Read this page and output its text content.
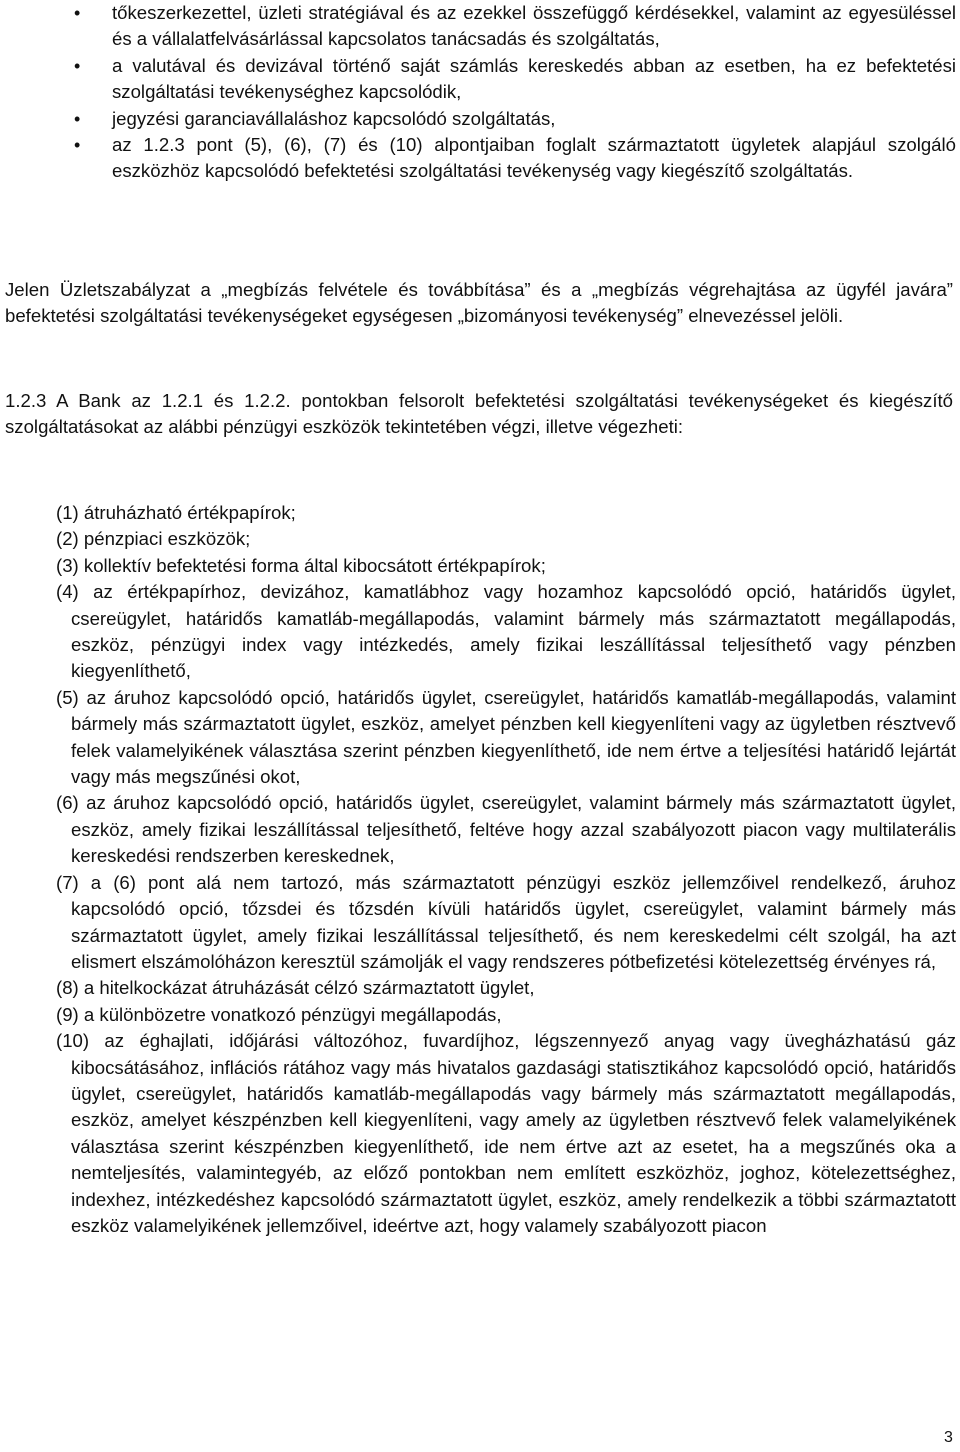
• tőkeszerkezettel, üzleti stratégiával és az ezekkel összefüggő kérdésekkel, valamint az egyesüléssel és a vállalatfelvásárlással kapcsolatos tanácsadás és szolgáltatás,
• a valutával és devizával történő saját számlás kereskedés abban az esetben, ha ez befektetési szolgáltatási tevékenységhez kapcsolódik,
• jegyzési garanciavállaláshoz kapcsolódó szolgáltatás,
• az 1.2.3 pont (5), (6), (7) és (10) alpontjaiban foglalt származtatott ügyletek alapjául szolgáló eszközhöz kapcsolódó befektetési szolgáltatási tevékenység vagy kiegészítő szolgáltatás.

Jelen Üzletszabályzat a „megbízás felvétele és továbbítása” és a „megbízás végrehajtása az ügyfél javára” befektetési szolgáltatási tevékenységeket egységesen „bizományosi tevékenység” elnevezéssel jelöli.

1.2.3 A Bank az 1.2.1 és 1.2.2. pontokban felsorolt befektetési szolgáltatási tevékenységeket és kiegészítő szolgáltatásokat az alábbi pénzügyi eszközök tekintetében végzi, illetve végezheti:

(1) átruházható értékpapírok;
(2) pénzpiaci eszközök;
(3) kollektív befektetési forma által kibocsátott értékpapírok;
(4) az értékpapírhoz, devizához, kamatlábhoz vagy hozamhoz kapcsolódó opció, határidős ügylet, csereügylet, határidős kamatláb-megállapodás, valamint bármely más származtatott megállapodás, eszköz, pénzügyi index vagy intézkedés, amely fizikai leszállítással teljesíthető vagy pénzben kiegyenlíthető,
(5) az áruhoz kapcsolódó opció, határidős ügylet, csereügylet, határidős kamatláb-megállapodás, valamint bármely más származtatott ügylet, eszköz, amelyet pénzben kell kiegyenlíteni vagy az ügyletben résztvevő felek valamelyikének választása szerint pénzben kiegyenlíthető, ide nem értve a teljesítési határidő lejártát vagy más megszűnési okot,
(6) az áruhoz kapcsolódó opció, határidős ügylet, csereügylet, valamint bármely más származtatott ügylet, eszköz, amely fizikai leszállítással teljesíthető, feltéve hogy azzal szabályozott piacon vagy multilaterális kereskedési rendszerben kereskednek,
(7) a (6) pont alá nem tartozó, más származtatott pénzügyi eszköz jellemzőivel rendelkező, áruhoz kapcsolódó opció, tőzsdei és tőzsdén kívüli határidős ügylet, csereügylet, valamint bármely más származtatott ügylet, amely fizikai leszállítással teljesíthető, és nem kereskedelmi célt szolgál, ha azt elismert elszámolóházon keresztül számolják el vagy rendszeres pótbefizetési kötelezettség érvényes rá,
(8) a hitelkockázat átruházását célzó származtatott ügylet,
(9) a különbözetre vonatkozó pénzügyi megállapodás,
(10) az éghajlati, időjárási változóhoz, fuvardíjhoz, légszennyező anyag vagy üvegházhatású gáz kibocsátásához, inflációs rátához vagy más hivatalos gazdasági statisztikához kapcsolódó opció, határidős ügylet, csereügylet, határidős kamatláb-megállapodás vagy bármely más származtatott megállapodás, eszköz, amelyet készpénzben kell kiegyenlíteni, vagy amely az ügyletben résztvevő felek valamelyikének választása szerint készpénzben kiegyenlíthető, ide nem értve azt az esetet, ha a megszűnés oka a nemteljesítés, valamintegyéb, az előző pontokban nem említett eszközhöz, joghoz, kötelezettséghez, indexhez, intézkedéshez kapcsolódó származtatott ügylet, eszköz, amely rendelkezik a többi származtatott eszköz valamelyikének jellemzőivel, ideértve azt, hogy valamely szabályozott piacon
3
